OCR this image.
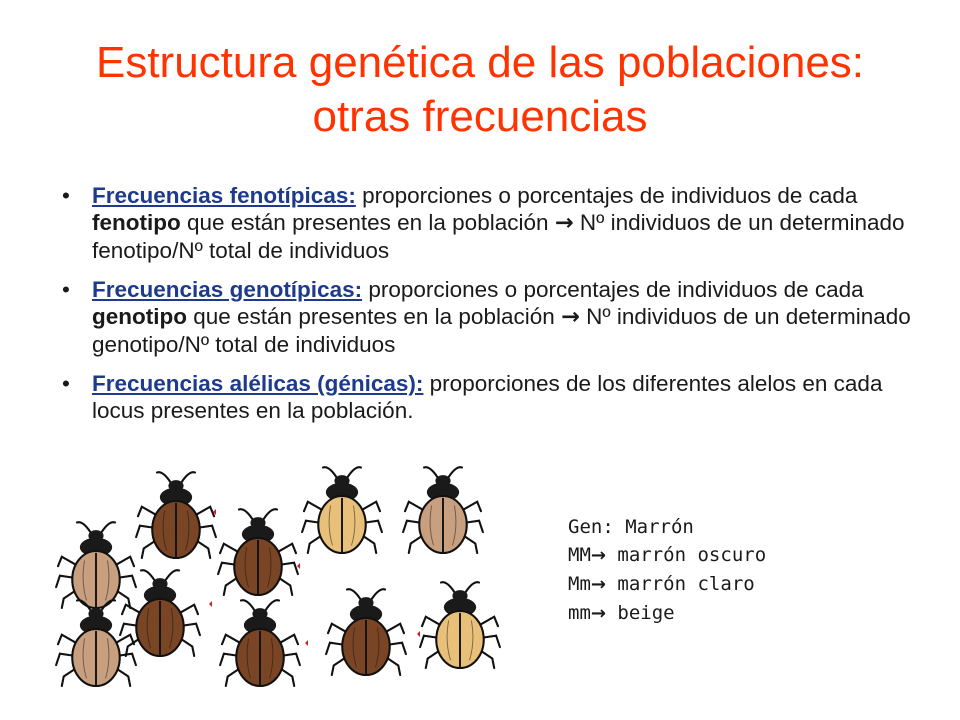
Estructura genética de las poblaciones:
otras frecuencias
• Frecuencias fenotípicas: proporciones o porcentajes de individuos de cada fenotipo que están presentes en la población → Nº individuos de un determinado fenotipo/Nº total de individuos
• Frecuencias genotípicas: proporciones o porcentajes de individuos de cada genotipo que están presentes en la población → Nº individuos de un determinado genotipo/Nº total de individuos
• Frecuencias alélicas (génicas): proporciones de los diferentes alelos en cada locus presentes en la población.
Gen: Marrón
MM→ marrón oscuro
Mm→ marrón claro
mm→ beige
